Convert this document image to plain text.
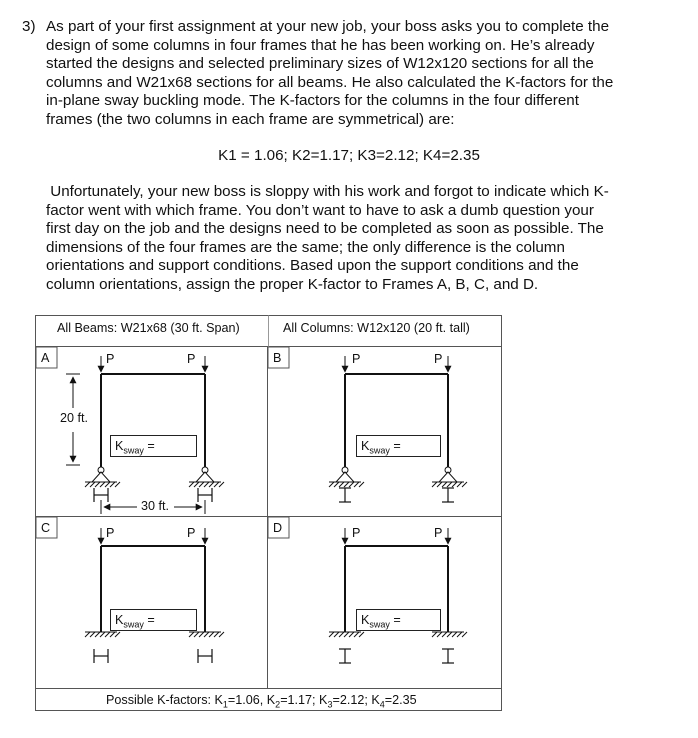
3) As part of your first assignment at your new job, your boss asks you to complete the
design of some columns in four frames that he has been working on. He’s already
started the designs and selected preliminary sizes of W12x120 sections for all the
columns and W21x68 sections for all beams. He also calculated the K-factors for the
in-plane sway buckling mode. The K-factors for the columns in the four different
frames (the two columns in each frame are symmetrical) are:
K1 = 1.06; K2=1.17; K3=2.12; K4=2.35
Unfortunately, your new boss is sloppy with his work and forgot to indicate which K-
factor went with which frame. You don’t want to have to ask a dumb question your
first day on the job and the designs need to be completed as soon as possible. The
dimensions of the four frames are the same; the only difference is the column
orientations and support conditions. Based upon the support conditions and the
column orientations, assign the proper K-factor to Frames A, B, C, and D.
All Beams: W21x68 (30 ft. Span)	All Columns: W12x120 (20 ft. tall)
A	B
C	D
P	P	P	P
P	P	P	P
20 ft.
30 ft.
$K_{sway}$ =	$K_{sway}$ =
$K_{sway}$ =	$K_{sway}$ =
Possible K-factors: $K_1=1.06$, $K_2=1.17$; $K_3=2.12$; $K_4=2.35$
